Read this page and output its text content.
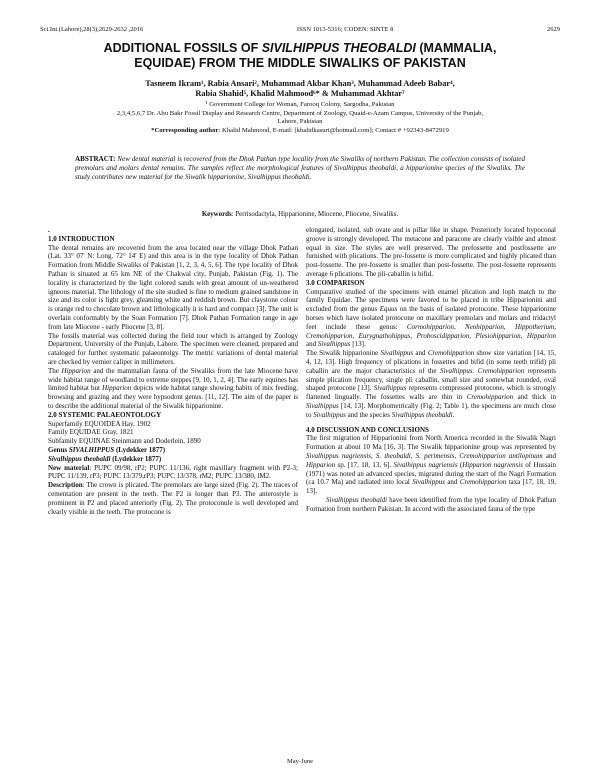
Sci.Int.(Lahore),28(3),2629-2632 ,2016	ISSN 1013-5316; CODEN: SINTE 8	2629
ADDITIONAL FOSSILS OF SIVILHIPPUS THEOBALDI (MAMMALIA,
EQUIDAE) FROM THE MIDDLE SIWALIKS OF PAKISTAN
Tasneem Ikram¹, Rabia Ansari², Muhammad Akbar Khan³, Muhammad Adeeb Babar⁴,
Rabia Shahid⁵, Khalid Mahmood⁶* & Muhammad Akhtar⁷
¹ Government College for Woman, Farooq Colony, Sargodha, Pakistan
2,3,4,5,6,7 Dr. Abu Bakr Fossil Display and Research Centre, Department of Zoology, Quaid-e-Azam Campus, University of the Punjab,
Lahore, Pakistan
*Corresponding author: Khalid Mahmood, E-mail: [khalidkasuri@hotmail.com]; Contact # +92343-8472919
ABSTRACT: New dental material is recovered from the Dhok Pathan type locality from the Siwaliks of northern Pakistan. The collection consists of isolated premolars and molars dental remains. The samples reflect the morphological features of Sivalhippus theobaldi, a hipparionine species of the Siwaliks. The study contributes new material for the Siwalik hipparionine, Sivalhippus theobaldi.
Keywords: Perrisodactyla, Hipparionine, Miocene, Pliocene, Siwaliks.

.

1.0 INTRODUCTION

The dental remains are recovered from the area located near the village Dhok Pathan (Lat. 33° 07' N: Long. 72° 14' E) and this area is in the type locality of Dhok Pathan Formation from Middle Siwaliks of Pakistan [1, 2, 3, 4, 5, 6]. The type locality of Dhok Pathan is situated at 65 km NE of the Chakwal city, Punjab, Pakistan (Fig. 1). The locality is characterized by the light colored sands with great amount of un-weathered igneous material. The lithology of the site studied is fine to medium grained sandstone in size and its color is light grey, gleaming white and reddish brown. But claystone colour is orange red to chocolate brown and lithologically it is hard and compact [3]. The unit is overlain conformably by the Soan Formation [7]. Dhok Pathan Formation range in age from late Miocene - early Pliocene [3, 8].

The fossils material was collected during the field tour which is arranged by Zoology Department, University of the Punjab, Lahore. The specimen were cleaned, prepared and cataloged for further systematic palaeontolgy. The metric variations of dental material are checked by vernier caliper in millimeters.

The Hipparion and the mammalian fauna of the Siwaliks from the late Miocene have wide habitat range of woodland to extreme steppes [9, 10, 1, 2, 4]. The early equines has limited habitat but Hipparion depicts wide habitat range showing habits of mix feeding, browsing and grazing and they were hypsodont genus. [11, 12]. The aim of the paper is to describe the additional material of the Siwalik hipparionine.

2.0 SYSTEMIC PALAEONTOLOGY

Superfamily EQUOIDEA Hay, 1902

Family EQUIDAE Gray, 1821

Subfamily EQUINAE Steinmann and Doderlein, 1890

Genus SIVALHIPPUS (Lydekker 1877)

Sivalhippus theobaldi (Lydekker 1877)

New material: PUPC 09/98, rP2; PUPC 11/136, right maxillary fragment with P2-3; PUPC 11/139, rP3; PUPC 13/379,rP3; PUPC 13/378, rM2; PUPC 13/380, lM2.

Description: The crown is plicated. The premolars are large sized (Fig. 2). The traces of cementation are present in the teeth. The P2 is longer than P3. The anterostyle is prominent in P2 and placed anteriorly (Fig. 2). The protoconule is well developed and clearly visible in the teeth. The protocone is

elongated, isolated, sub ovate and is pillar like in shape. Posteriorly located hypoconal groove is strongly developed. The metacone and paracone are clearly visible and almost equal in size. The styles are well preserved. The prefossette and postfossette are furnished with plications. The pre-fossette is more complicated and highly plicated than post-fossette. The pre-fossette is smaller than post-fossette. The post-fossette represents average 6 plications. The pli-caballin is bifid.

3.0 COMPARISON

Comparative studied of the specimens with enamel plication and loph match to the family Equidae. The specimens were favored to be placed in tribe Hipparionini and excluded from the genus Equus on the basis of isolated protocone. These hipparionine horses which have isolated protocone on maxillary premolars and molars and tridactyl feet include these genus: Cormohipparion, Neohipparion, Hippotherium, Cremohipparion, Eurygnathohippus, Proboscidipparion, Plesiohipparion, Hipparion and Sivalhippus [13].

The Siwalik hipparionine Sivalhippus and Cremohipparion show size variation [14, 15, 4, 12, 13]. High frequency of plications in fossettes and bifid (in some teeth trifid) pli caballin are the major characteristics of the Sivalhippus. Cremohipparion represents simple plication frequency, single pli caballin, small size and somewhat rounded, oval shaped protocone [13]. Sivalhippus represents compressed protocone, which is strongly flattened lingually. The fossettes walls are thin in Cremohipparion and thick in Sivalhippus [14, 13]. Morphometrically (Fig. 2; Table 1), the specimens are much close to Sivalhippus and the species Sivalhippus theobaldi.

4.0 DISCUSSION AND CONCLUSIONS

The first migration of Hipparionini from North America recorded in the Siwalik Nagri Formation at about 10 Ma [16, 3]. The Siwalik hipparionine group was represented by Sivalhippus nagriensis, S. theobaldi, S. perimensis, Cremohipparion antilopinum and Hipparion sp. [17, 18, 13, 6]. Sivalhippus nagriensis (Hipparion nagriensis of Hussain (1971) was noted an advanced species, migrated during the start of the Nagri Formation (ca 10.7 Ma) and radiated into local Sivalhippus and Cremohipparion taxa [17, 18, 19, 13].

Sivalhippus theobaldi have been identified from the type locality of Dhok Pathan Formation from northern Pakistan. In accord with the associated fauna of the type

May-June
